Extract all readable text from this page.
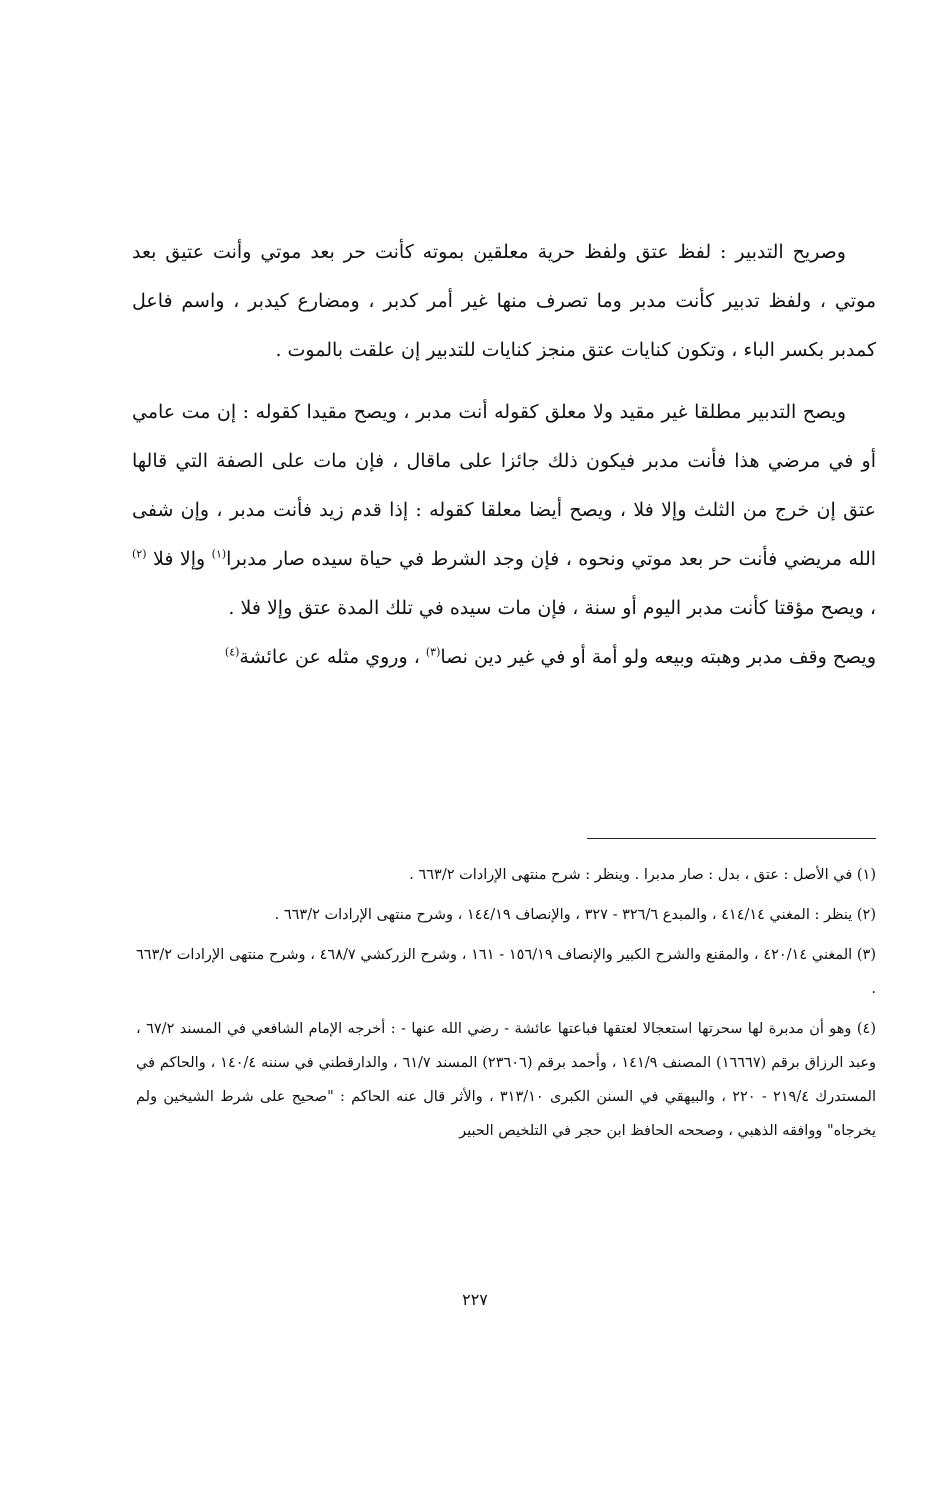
وصريح التدبير : لفظ عتق ولفظ حرية معلقين بموته كأنت حر بعد موتي وأنت عتيق بعد موتي ، ولفظ تدبير كأنت مدبر وما تصرف منها غير أمر كدبر ، ومضارع كيدبر ، واسم فاعل كمدبر بكسر الباء ، وتكون كنايات عتق منجز كنايات للتدبير إن علقت بالموت .

ويصح التدبير مطلقا غير مقيد ولا معلق كقوله أنت مدبر ، ويصح مقيدا كقوله : إن مت عامي أو في مرضي هذا فأنت مدبر فيكون ذلك جائزا على ماقال ، فإن مات على الصفة التي قالها عتق إن خرج من الثلث وإلا فلا ، ويصح أيضا معلقا كقوله : إذا قدم زيد فأنت مدبر ، وإن شفى الله مريضي فأنت حر بعد موتي ونحوه ، فإن وجد الشرط في حياة سيده صار مدبرا$^{(١)}$ وإلا فلا $^{(٢)}$ ، ويصح مؤقتا كأنت مدبر اليوم أو سنة ، فإن مات سيده في تلك المدة عتق وإلا فلا .

ويصح وقف مدبر وهبته وبيعه ولو أمة أو في غير دين نصا$^{(٣)}$ ، وروي مثله عن عائشة$^{(٤)}$

(١) في الأصل : عتق ، بدل : صار مدبرا . وينظر : شرح منتهى الإرادات ٦٦٣/٢ .

(٢) ينظر : المغني ٤١٤/١٤ ، والمبدع ٣٢٦/٦ - ٣٢٧ ، والإنصاف ١٤٤/١٩ ، وشرح منتهى الإرادات ٦٦٣/٢ .

(٣) المغني ٤٢٠/١٤ ، والمقنع والشرح الكبير والإنصاف ١٥٦/١٩ - ١٦١ ، وشرح الزركشي ٤٦٨/٧ ، وشرح منتهى الإرادات ٦٦٣/٢ .

(٤) وهو أن مدبرة لها سحرتها استعجالا لعتقها فباعتها عائشة - رضي الله عنها - : أخرجه الإمام الشافعي في المسند ٦٧/٢ ، وعبد الرزاق برقم (١٦٦٦٧) المصنف ١٤١/٩ ، وأحمد برقم (٢٣٦٠٦) المسند ٦١/٧ ، والدارقطني في سننه ١٤٠/٤ ، والحاكم في المستدرك ٢١٩/٤ - ٢٢٠ ، والبيهقي في السنن الكبرى ٣١٣/١٠ ، والأثر قال عنه الحاكم : "صحيح على شرط الشيخين ولم يخرجاه" ووافقه الذهبي ، وصححه الحافظ ابن حجر في التلخيص الحبير

٢٢٧
